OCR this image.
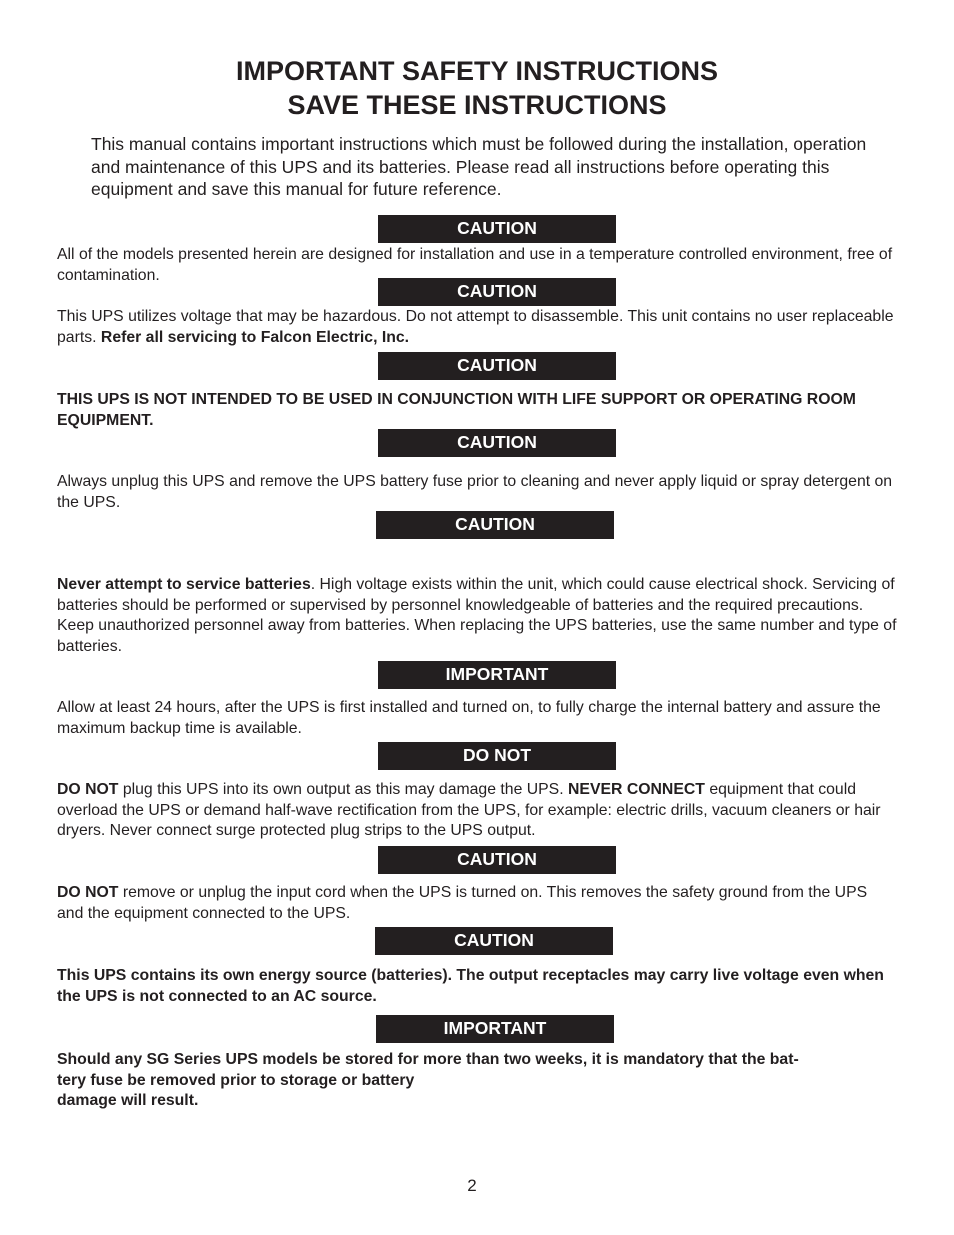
IMPORTANT SAFETY INSTRUCTIONS
SAVE THESE INSTRUCTIONS

This manual contains important instructions which must be followed during the installation, operation and maintenance of this UPS and its batteries. Please read all instructions before operating this equipment and save this manual for future reference.

CAUTION

All of the models presented herein are designed for installation and use in a temperature controlled environment, free of contamination.

CAUTION

This UPS utilizes voltage that may be hazardous. Do not attempt to disassemble. This unit contains no user replaceable parts. Refer all servicing to Falcon Electric, Inc.

CAUTION

THIS UPS IS NOT INTENDED TO BE USED IN CONJUNCTION WITH LIFE SUPPORT OR OPERATING ROOM EQUIPMENT.

CAUTION

Always unplug this UPS and remove the UPS battery fuse prior to cleaning and never apply liquid or spray detergent on the UPS.

CAUTION

Never attempt to service batteries. High voltage exists within the unit, which could cause electrical shock. Servicing of batteries should be performed or supervised by personnel knowledgeable of batteries and the required precautions. Keep unauthorized personnel away from batteries. When replacing the UPS batteries, use the same number and type of batteries.

IMPORTANT

Allow at least 24 hours, after the UPS is first installed and turned on, to fully charge the internal battery and assure the maximum backup time is available.

DO NOT

DO NOT plug this UPS into its own output as this may damage the UPS. NEVER CONNECT equipment that could overload the UPS or demand half-wave rectification from the UPS, for example: electric drills, vacuum cleaners or hair dryers. Never connect surge protected plug strips to the UPS output.

CAUTION

DO NOT remove or unplug the input cord when the UPS is turned on. This removes the safety ground from the UPS and the equipment connected to the UPS.

CAUTION

This UPS contains its own energy source (batteries). The output receptacles may carry live voltage even when the UPS is not connected to an AC source.

IMPORTANT
Should any SG Series UPS models be stored for more than two weeks, it is mandatory that the bat-
tery fuse be removed prior to storage or battery
damage will result.
2
